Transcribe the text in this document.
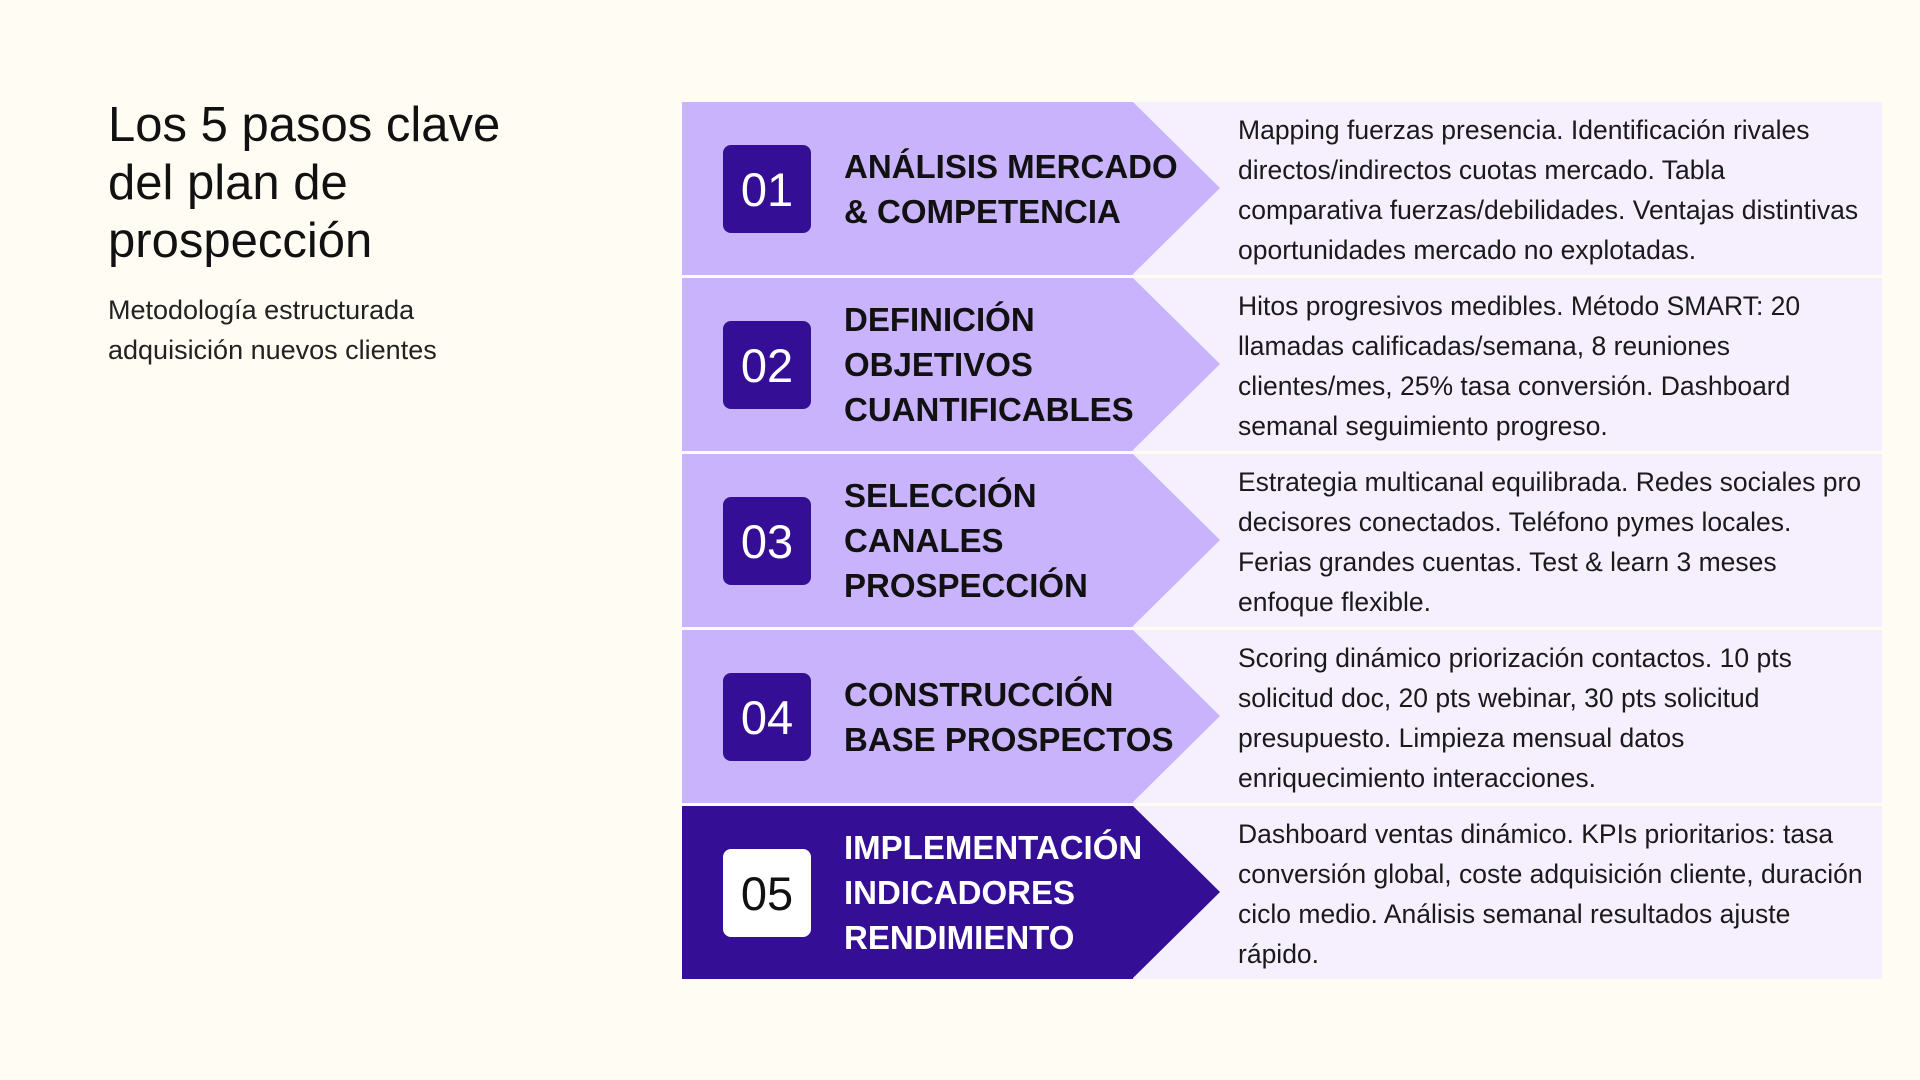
Los 5 pasos clave del plan de prospección
Metodología estructurada adquisición nuevos clientes
01	ANÁLISIS MERCADO & COMPETENCIA
Mapping fuerzas presencia. Identificación rivales directos/indirectos cuotas mercado. Tabla comparativa fuerzas/debilidades. Ventajas distintivas oportunidades mercado no explotadas.
02
DEFINICIÓN OBJETIVOS CUANTIFICABLES
Hitos progresivos medibles. Método SMART: 20 llamadas calificadas/semana, 8 reuniones clientes/mes, 25% tasa conversión. Dashboard semanal seguimiento progreso.
03
SELECCIÓN CANALES PROSPECCIÓN
Estrategia multicanal equilibrada. Redes sociales pro decisores conectados. Teléfono pymes locales. Ferias grandes cuentas. Test & learn 3 meses enfoque flexible.
04	CONSTRUCCIÓN BASE PROSPECTOS
Scoring dinámico priorización contactos. 10 pts solicitud doc, 20 pts webinar, 30 pts solicitud presupuesto. Limpieza mensual datos enriquecimiento interacciones.
05
IMPLEMENTACIÓN INDICADORES RENDIMIENTO
Dashboard ventas dinámico. KPIs prioritarios: tasa conversión global, coste adquisición cliente, duración ciclo medio. Análisis semanal resultados ajuste rápido.
